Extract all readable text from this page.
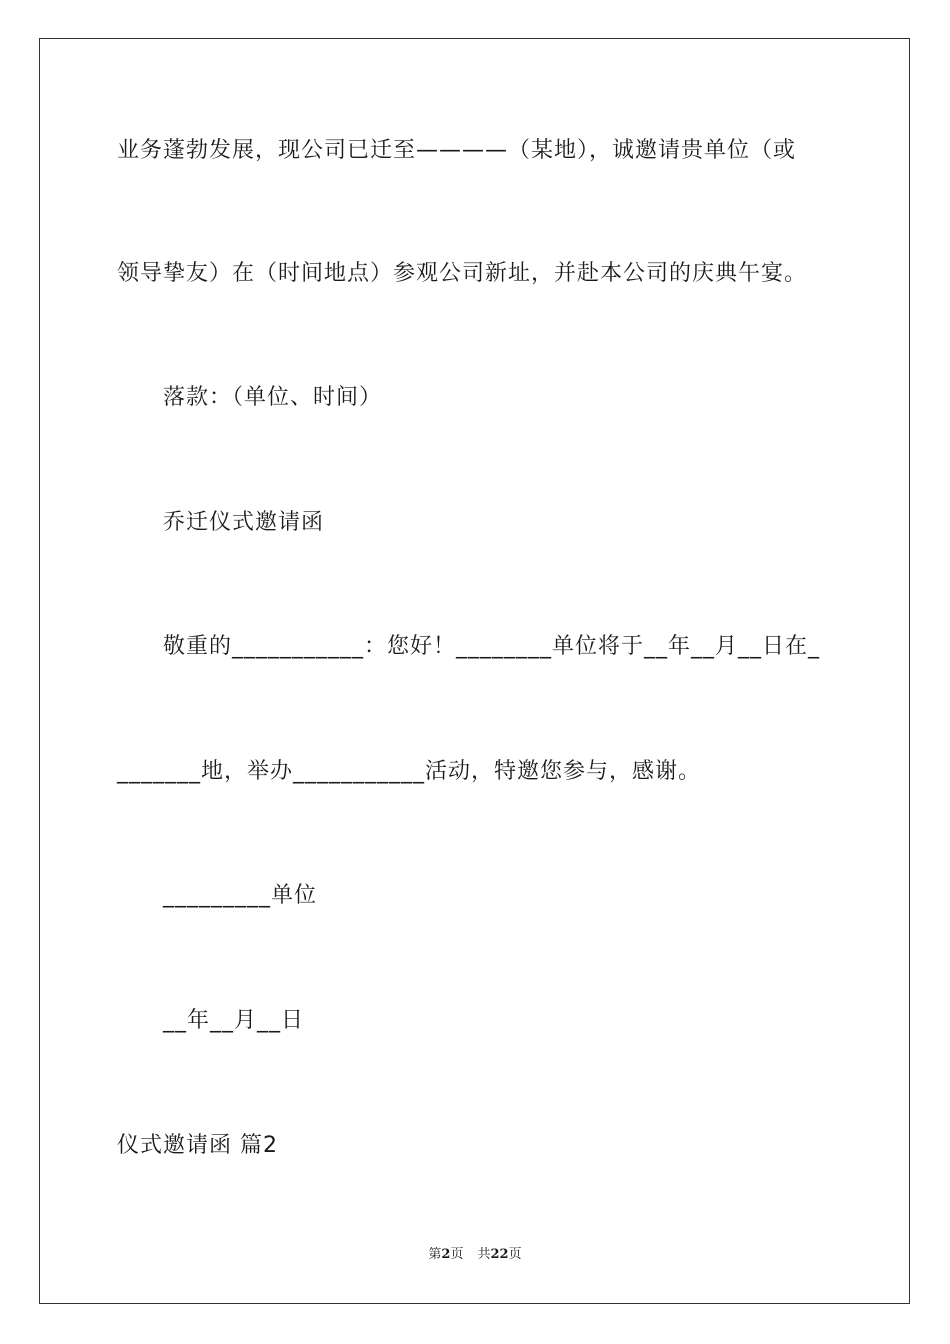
业务蓬勃发展，现公司已迁至————（某地），诚邀请贵单位（或
领导挚友）在（时间地点）参观公司新址，并赴本公司的庆典午宴。
落款：（单位、时间）
乔迁仪式邀请函
敬重的___________：您好！________单位将于__年__月__日在_
_______地，举办___________活动，特邀您参与，感谢。
_________单位
__年__月__日
仪式邀请函 篇2
第2页 共22页
